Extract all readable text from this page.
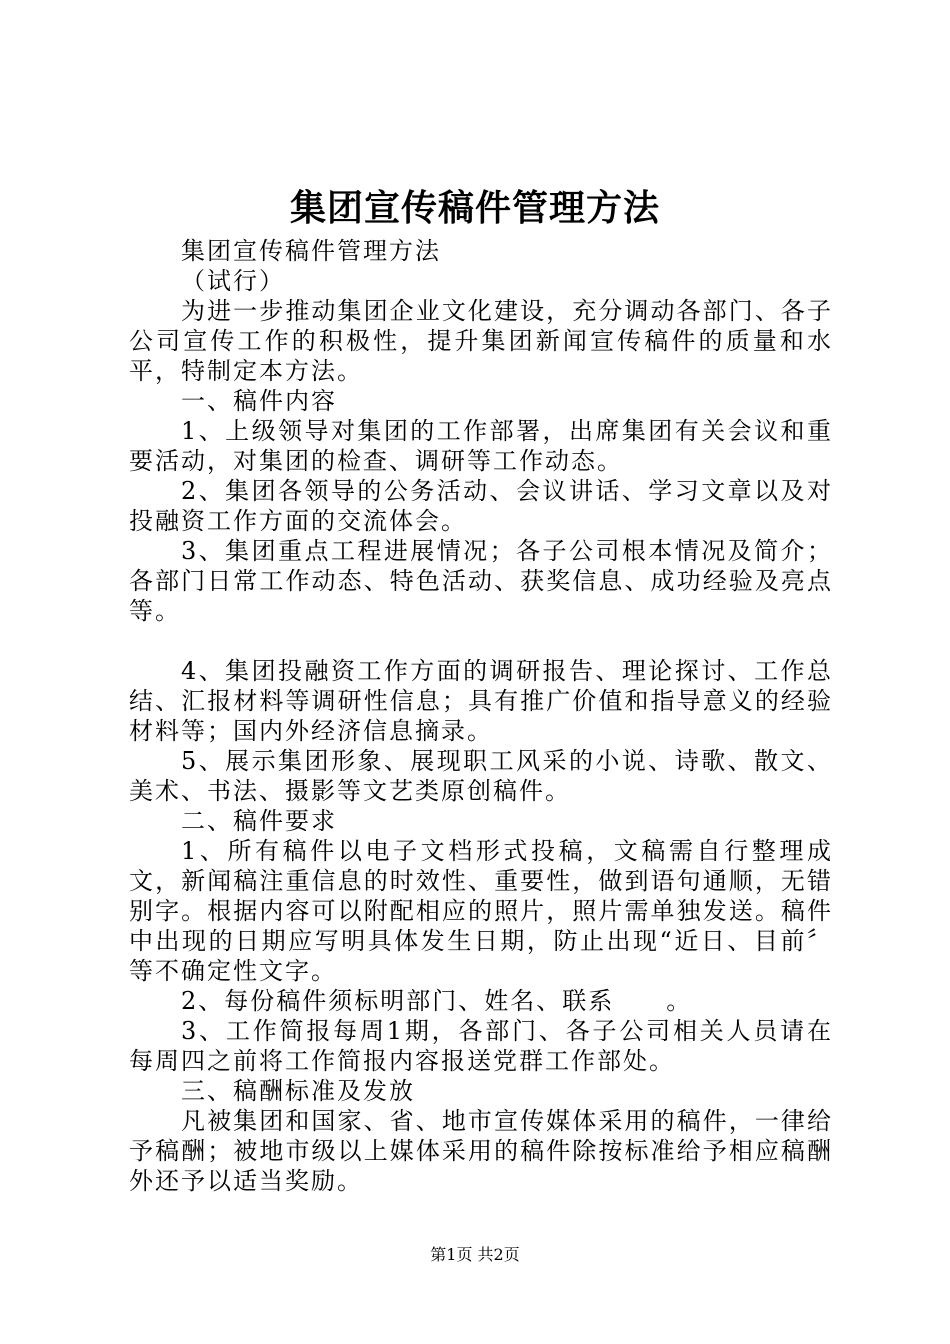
集团宣传稿件管理方法

集团宣传稿件管理方法

（试行）

为进一步推动集团企业文化建设，充分调动各部门、各子公司宣传工作的积极性，提升集团新闻宣传稿件的质量和水平，特制定本方法。

一、稿件内容

1、上级领导对集团的工作部署，出席集团有关会议和重要活动，对集团的检查、调研等工作动态。

2、集团各领导的公务活动、会议讲话、学习文章以及对投融资工作方面的交流体会。

3、集团重点工程进展情况；各子公司根本情况及简介；各部门日常工作动态、特色活动、获奖信息、成功经验及亮点等。

4、集团投融资工作方面的调研报告、理论探讨、工作总结、汇报材料等调研性信息；具有推广价值和指导意义的经验材料等；国内外经济信息摘录。

5、展示集团形象、展现职工风采的小说、诗歌、散文、美术、书法、摄影等文艺类原创稿件。

二、稿件要求

1、所有稿件以电子文档形式投稿，文稿需自行整理成文，新闻稿注重信息的时效性、重要性，做到语句通顺，无错别字。根据内容可以附配相应的照片，照片需单独发送。稿件中出现的日期应写明具体发生日期，防止出现“近日、目前〞等不确定性文字。

2、每份稿件须标明部门、姓名、联系　　。

3、工作简报每周1期，各部门、各子公司相关人员请在每周四之前将工作简报内容报送党群工作部处。

三、稿酬标准及发放

凡被集团和国家、省、地市宣传媒体采用的稿件，一律给予稿酬；被地市级以上媒体采用的稿件除按标准给予相应稿酬外还予以适当奖励。

第1页 共2页
